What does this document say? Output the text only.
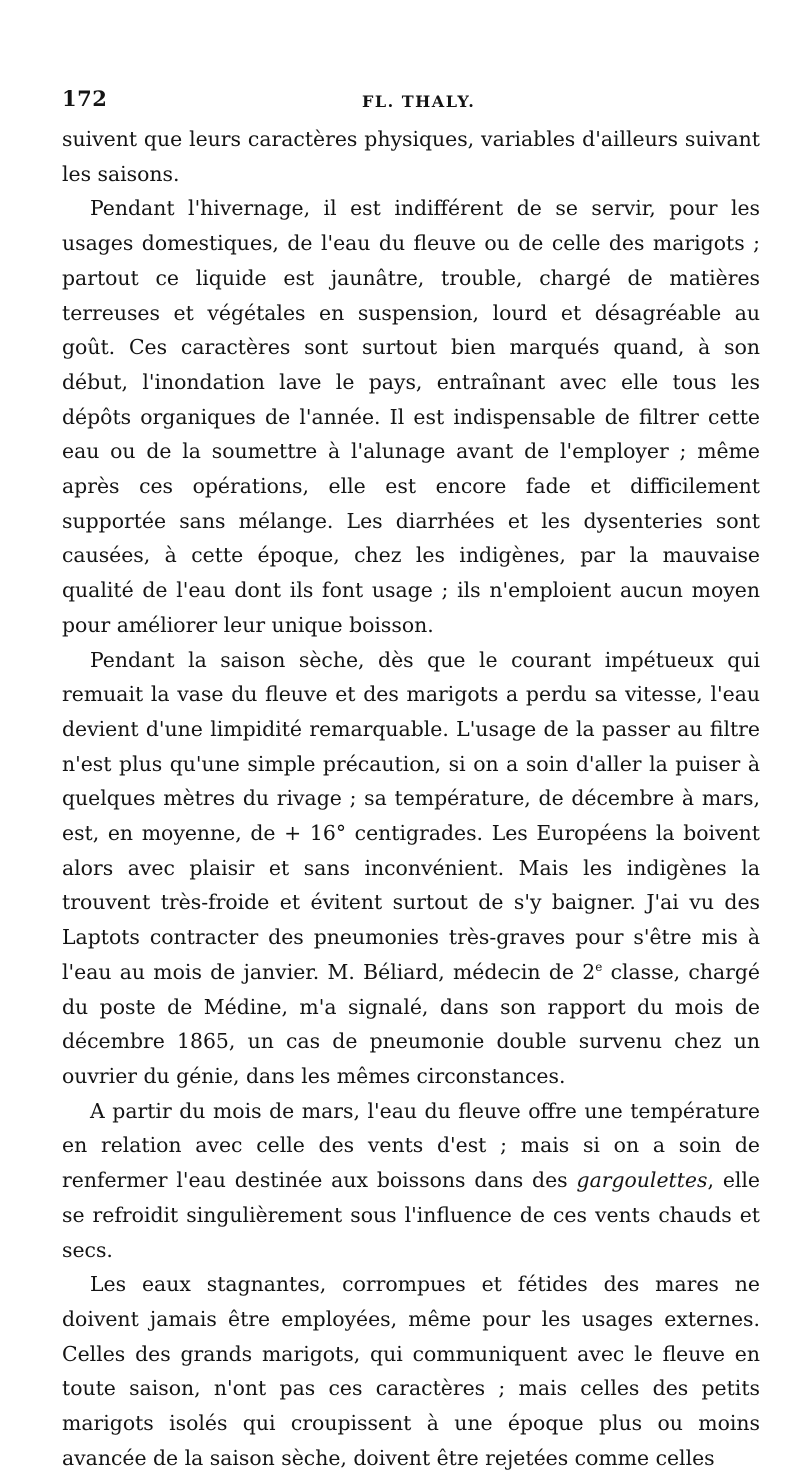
172	FL. THALY.

suivent que leurs caractères physiques, variables d'ailleurs suivant les saisons.

Pendant l'hivernage, il est indifférent de se servir, pour les usages domestiques, de l'eau du fleuve ou de celle des marigots ; partout ce liquide est jaunâtre, trouble, chargé de matières terreuses et végétales en suspension, lourd et désagréable au goût. Ces caractères sont surtout bien marqués quand, à son début, l'inondation lave le pays, entraînant avec elle tous les dépôts organiques de l'année. Il est indispensable de filtrer cette eau ou de la soumettre à l'alunage avant de l'employer ; même après ces opérations, elle est encore fade et difficilement supportée sans mélange. Les diarrhées et les dysenteries sont causées, à cette époque, chez les indigènes, par la mauvaise qualité de l'eau dont ils font usage ; ils n'emploient aucun moyen pour améliorer leur unique boisson.

Pendant la saison sèche, dès que le courant impétueux qui remuait la vase du fleuve et des marigots a perdu sa vitesse, l'eau devient d'une limpidité remarquable. L'usage de la passer au filtre n'est plus qu'une simple précaution, si on a soin d'aller la puiser à quelques mètres du rivage ; sa température, de décembre à mars, est, en moyenne, de + 16° centigrades. Les Européens la boivent alors avec plaisir et sans inconvénient. Mais les indigènes la trouvent très-froide et évitent surtout de s'y baigner. J'ai vu des Laptots contracter des pneumonies très-graves pour s'être mis à l'eau au mois de janvier. M. Béliard, médecin de 2e classe, chargé du poste de Médine, m'a signalé, dans son rapport du mois de décembre 1865, un cas de pneumonie double survenu chez un ouvrier du génie, dans les mêmes circonstances.

A partir du mois de mars, l'eau du fleuve offre une température en relation avec celle des vents d'est ; mais si on a soin de renfermer l'eau destinée aux boissons dans des gargoulettes, elle se refroidit singulièrement sous l'influence de ces vents chauds et secs.

Les eaux stagnantes, corrompues et fétides des mares ne doivent jamais être employées, même pour les usages externes. Celles des grands marigots, qui communiquent avec le fleuve en toute saison, n'ont pas ces caractères ; mais celles des petits marigots isolés qui croupissent à une époque plus ou moins avancée de la saison sèche, doivent être rejetées comme celles
